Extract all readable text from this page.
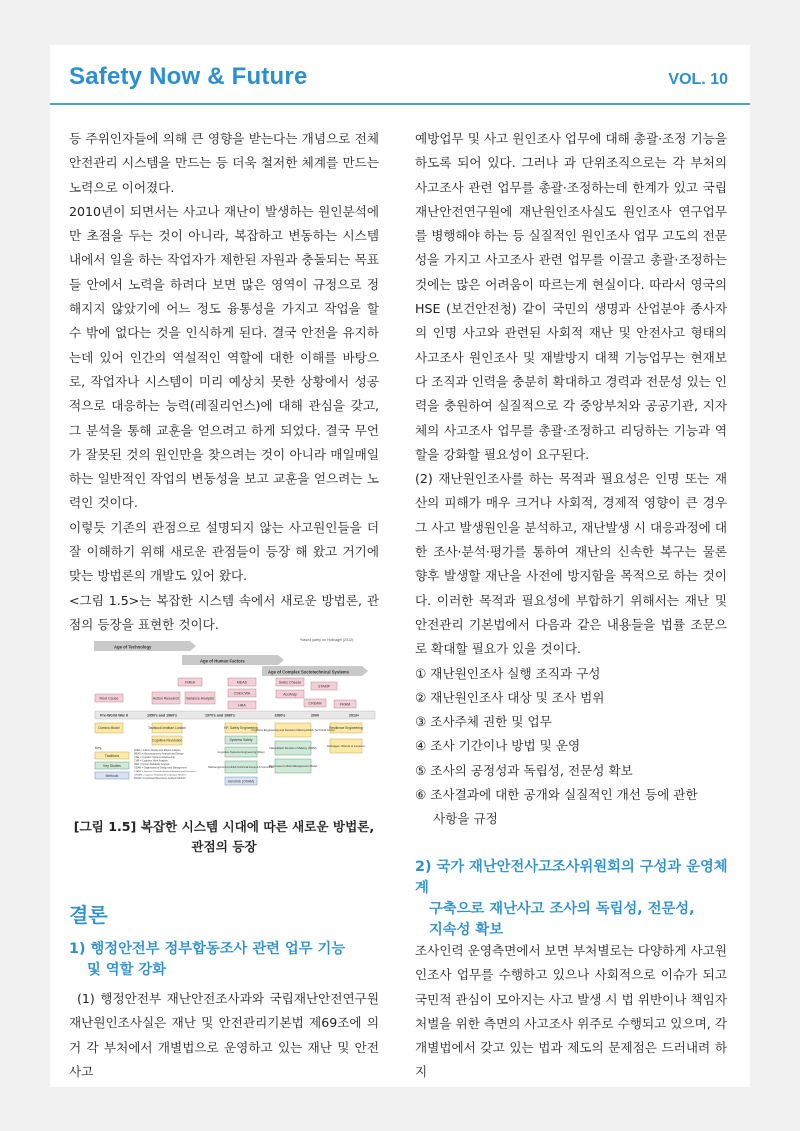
Safety Now & Future	VOL. 10

등 주위인자들에 의해 큰 영향을 받는다는 개념으로 전체 안전관리 시스템을 만드는 등 더욱 철저한 체계를 만드는 노력으로 이어졌다.

2010년이 되면서는 사고나 재난이 발생하는 원인분석에만 초점을 두는 것이 아니라, 복잡하고 변동하는 시스템 내에서 일을 하는 작업자가 제한된 자원과 충돌되는 목표들 안에서 노력을 하려다 보면 많은 영역이 규정으로 정해지지 않았기에 어느 정도 융통성을 가지고 작업을 할 수 밖에 없다는 것을 인식하게 된다. 결국 안전을 유지하는데 있어 인간의 역설적인 역할에 대한 이해를 바탕으로, 작업자나 시스템이 미리 예상치 못한 상황에서 성공적으로 대응하는 능력(레질리언스)에 대해 관심을 갖고, 그 분석을 통해 교훈을 얻으려고 하게 되었다. 결국 무언가 잘못된 것의 원인만을 찾으려는 것이 아니라 매일매일 하는 일반적인 작업의 변동성을 보고 교훈을 얻으려는 노력인 것이다.

이렇듯 기존의 관점으로 설명되지 않는 사고원인들을 더 잘 이해하기 위해 새로운 관점들이 등장 해 왔고 거기에 맞는 방법론의 개발도 있어 왔다.

<그림 1.5>는 복잡한 시스템 속에서 새로운 방법론, 관점의 등장을 표현한 것이다.

Age of Technology
Age of Human Factors
Age of Complex Sociotechnical Systems
*based partly on Hollnagel (2012)
FMEA	MEAD
CSE/CWA
HRA
Swiss Cheese
STAMP
AcciMap
CREAM	FRAM
Root Cause	Action Research Variance Analysis
Pre-World War II	1950's and 1960's	1970's and 1980's	1990's	2000	2013+
Domino Model	Tavistock Institute London	HF, Safety Engineering
Cognitive Engineering and Decision Making HFES Technical Group
Resilience Engineering
Cognitive Revolution	Systems Safety
Naturalistic Decision Making (NDM)	Hollnagel, Woods & Leveson
Cognitive Systems Engineering (Rise)
Rasmussen's Risk Management Model
Macroergonomics HFES Technical Group ILS Committee
Hendrick (ODAM)
Key:
Traditions
Key Studies
Methods
FMEA = Failure Modes and Effects Analysis
MEAD = Macroergonomic Analysis and Design
CSE = Cognitive Systems Engineering
CWA = Cognitive Work Analysis
HRA = Human Reliability Analysis
ODAM = Organizational Design and Management
STAMP = Systems-Theoretic Accident Modeling and Processes
CREAM = Cognitive Reliability Error Analysis Method
FRAM = Functional Resonance Analysis Method
[그림 1.5] 복잡한 시스템 시대에 따른 새로운 방법론,
관점의 등장
결론
1) 행정안전부 정부합동조사 관련 업무 기능
및 역할 강화

(1) 행정안전부 재난안전조사과와 국립재난안전연구원 재난원인조사실은 재난 및 안전관리기본법 제69조에 의거 각 부처에서 개별법으로 운영하고 있는 재난 및 안전사고

예방업무 및 사고 원인조사 업무에 대해 총괄·조정 기능을 하도록 되어 있다. 그러나 과 단위조직으로는 각 부처의 사고조사 관련 업무를 총괄·조정하는데 한계가 있고 국립재난안전연구원에 재난원인조사실도 원인조사 연구업무를 병행해야 하는 등 실질적인 원인조사 업무 고도의 전문성을 가지고 사고조사 관련 업무를 이끌고 총괄·조정하는 것에는 많은 어려움이 따르는게 현실이다. 따라서 영국의 HSE (보건안전청) 같이 국민의 생명과 산업분야 종사자의 인명 사고와 관련된 사회적 재난 및 안전사고 형태의 사고조사 원인조사 및 재발방지 대책 기능업무는 현재보다 조직과 인력을 충분히 확대하고 경력과 전문성 있는 인력을 충원하여 실질적으로 각 중앙부처와 공공기관, 지자체의 사고조사 업무를 총괄·조정하고 리딩하는 기능과 역할을 강화할 필요성이 요구된다.

(2) 재난원인조사를 하는 목적과 필요성은 인명 또는 재산의 피해가 매우 크거나 사회적, 경제적 영향이 큰 경우 그 사고 발생원인을 분석하고, 재난발생 시 대응과정에 대한 조사·분석·평가를 통하여 재난의 신속한 복구는 물론 향후 발생할 재난을 사전에 방지함을 목적으로 하는 것이다. 이러한 목적과 필요성에 부합하기 위해서는 재난 및 안전관리 기본법에서 다음과 같은 내용들을 법률 조문으로 확대할 필요가 있을 것이다.

① 재난원인조사 실행 조직과 구성

② 재난원인조사 대상 및 조사 범위

③ 조사주체 권한 및 업무

④ 조사 기간이나 방법 및 운영

⑤ 조사의 공정성과 독립성, 전문성 확보

⑥ 조사결과에 대한 공개와 실질적인 개선 등에 관한

사항을 규정

2) 국가 재난안전사고조사위원회의 구성과 운영체계
구축으로 재난사고 조사의 독립성, 전문성,
지속성 확보

조사인력 운영측면에서 보면 부처별로는 다양하게 사고원인조사 업무를 수행하고 있으나 사회적으로 이슈가 되고 국민적 관심이 모아지는 사고 발생 시 법 위반이나 책임자 처벌을 위한 측면의 사고조사 위주로 수행되고 있으며, 각 개별법에서 갖고 있는 법과 제도의 문제점은 드러내려 하지
